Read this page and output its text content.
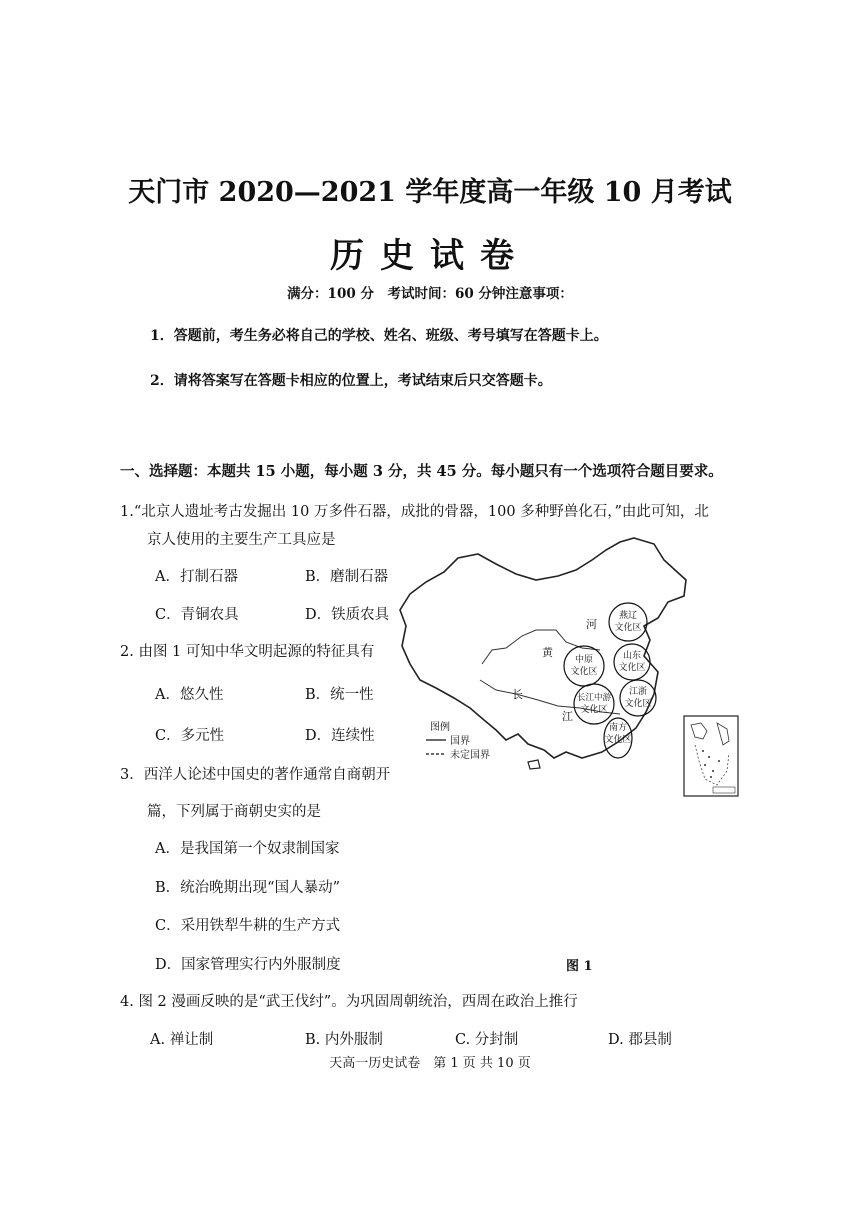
天门市 2020—2021 学年度高一年级 10 月考试
历史试卷
满分：100 分　考试时间：60 分钟注意事项：
1．答题前，考生务必将自己的学校、姓名、班级、考号填写在答题卡上。
2．请将答案写在答题卡相应的位置上，考试结束后只交答题卡。
一、选择题：本题共 15 小题，每小题 3 分，共 45 分。每小题只有一个选项符合题目要求。
1.“北京人遗址考古发掘出 10 万多件石器，成批的骨器，100 多种野兽化石，”由此可知，北
京人使用的主要生产工具应是
A．打制石器	B．磨制石器
C．青铜农具	D．铁质农具
2. 由图 1 可知中华文明起源的特征具有
A．悠久性	B．统一性
C．多元性	D．连续性
3．西洋人论述中国史的著作通常自商朝开
篇，下列属于商朝史实的是
A．是我国第一个奴隶制国家
B．统治晚期出现“国人暴动”
C．采用铁犁牛耕的生产方式
D．国家管理实行内外服制度	图 1
燕辽
文化区
中原
文化区
山东
文化区
长江中游
文化区
江浙
文化区
南方
文化区
黄
河
长
江
图例
国界
未定国界
4. 图 2 漫画反映的是“武王伐纣”。为巩固周朝统治，西周在政治上推行
A. 禅让制	B. 内外服制	C. 分封制	D. 郡县制
天高一历史试卷　第 1 页 共 10 页
